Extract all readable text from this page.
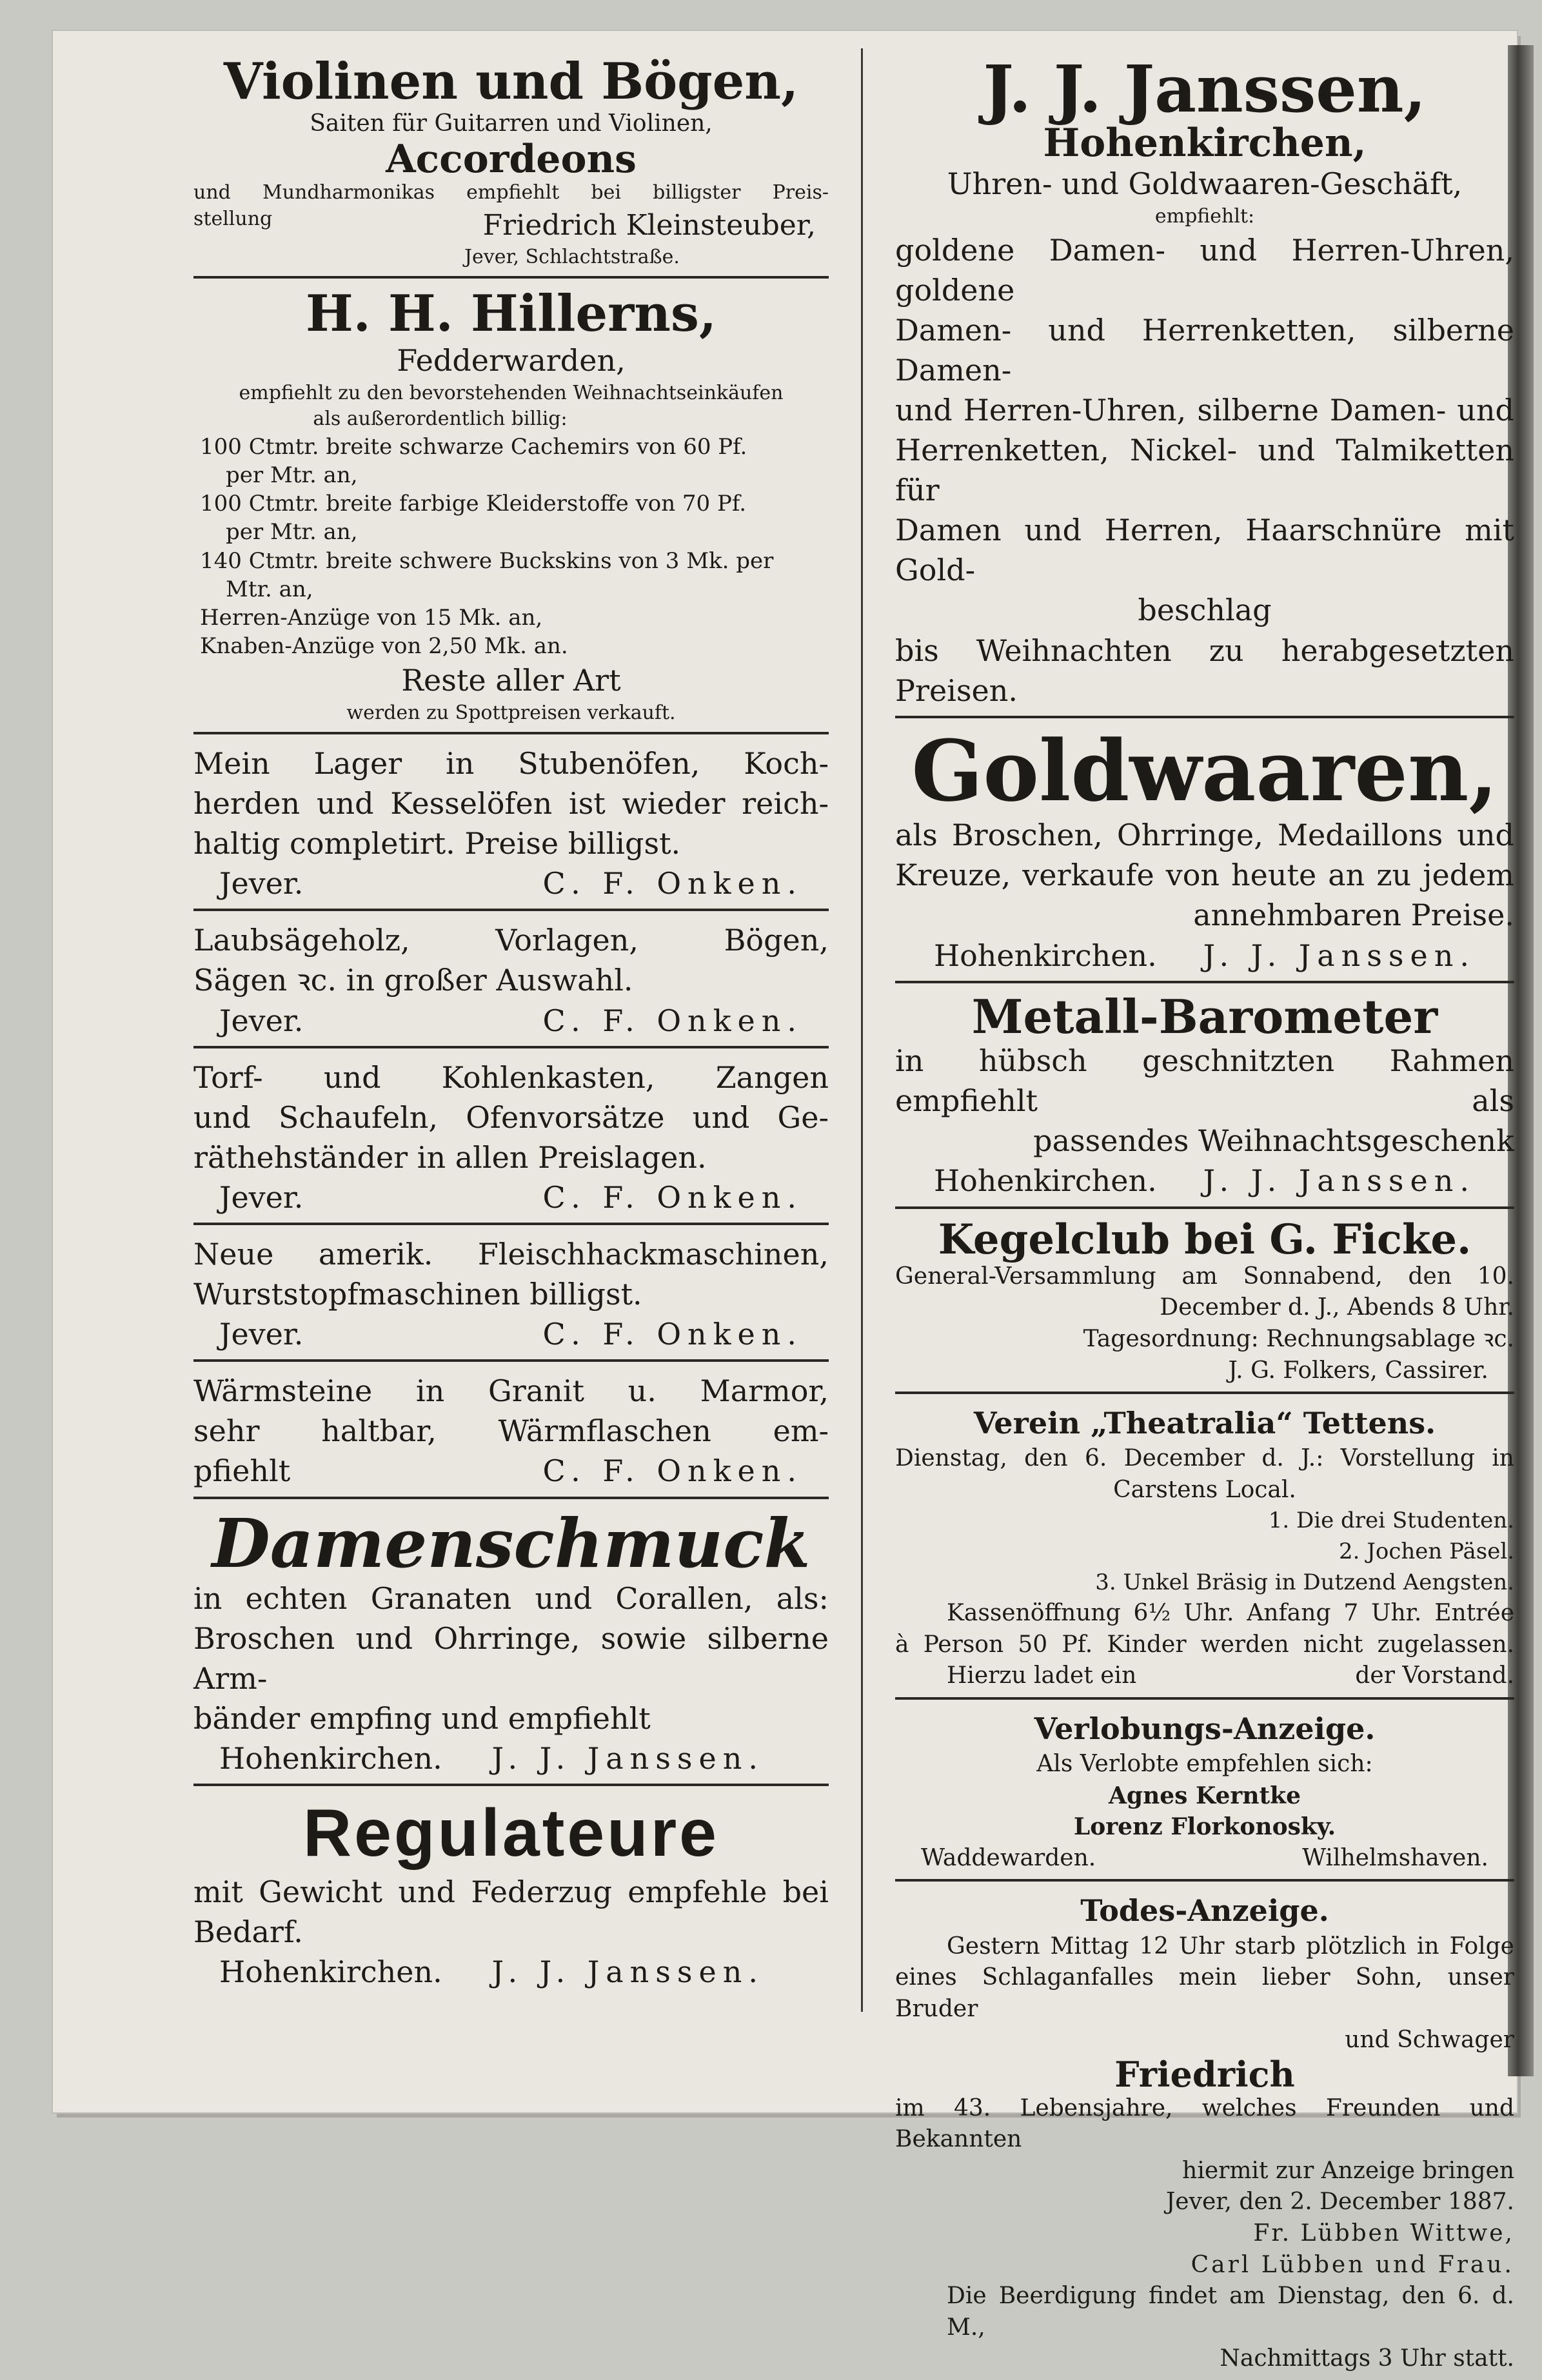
Violinen und Bögen,

Saiten für Guitarren und Violinen,

Accordeons

und Mundharmonikas empfiehlt bei billigster Preis-

stellung	Friedrich Kleinsteuber,

Jever, Schlachtstraße.

H. H. Hillerns,

Fedderwarden,

empfiehlt zu den bevorstehenden Weihnachtseinkäufen

als außerordentlich billig:

100 Ctmtr. breite schwarze Cachemirs von 60 Pf.

per Mtr. an,

100 Ctmtr. breite farbige Kleiderstoffe von 70 Pf.

per Mtr. an,

140 Ctmtr. breite schwere Buckskins von 3 Mk. per

Mtr. an,

Herren-Anzüge von 15 Mk. an,

Knaben-Anzüge von 2,50 Mk. an.

Reste aller Art

werden zu Spottpreisen verkauft.

Mein Lager in Stubenöfen, Koch-

herden und Kesselöfen ist wieder reich-

haltig completirt. Preise billigst.

Jever.	C. F. Onken.

Laubsägeholz, Vorlagen, Bögen,

Sägen ꝛc. in großer Auswahl.

Jever.	C. F. Onken.

Torf- und Kohlenkasten, Zangen

und Schaufeln, Ofenvorsätze und Ge-

räthehständer in allen Preislagen.

Jever.	C. F. Onken.

Neue amerik. Fleischhackmaschinen,

Wurststopfmaschinen billigst.

Jever.	C. F. Onken.

Wärmsteine in Granit u. Marmor,

sehr haltbar, Wärmflaschen em-

pfiehlt	C. F. Onken.

Damenschmuck

in echten Granaten und Corallen, als:

Broschen und Ohrringe, sowie silberne Arm-

bänder empfing und empfiehlt

Hohenkirchen. J. J. Janssen.

Regulateure

mit Gewicht und Federzug empfehle bei

Bedarf.

Hohenkirchen. J. J. Janssen.

J. J. Janssen,

Hohenkirchen,

Uhren- und Goldwaaren-Geschäft,

empfiehlt:

goldene Damen- und Herren-Uhren, goldene

Damen- und Herrenketten, silberne Damen-

und Herren-Uhren, silberne Damen- und

Herrenketten, Nickel- und Talmiketten für

Damen und Herren, Haarschnüre mit Gold-

beschlag

bis Weihnachten zu herabgesetzten Preisen.

Goldwaaren,

als Broschen, Ohrringe, Medaillons und

Kreuze, verkaufe von heute an zu jedem

annehmbaren Preise.

Hohenkirchen. J. J. Janssen.

Metall-Barometer

in hübsch geschnitzten Rahmen empfiehlt als

passendes Weihnachtsgeschenk

Hohenkirchen. J. J. Janssen.

Kegelclub bei G. Ficke.

General-Versammlung am Sonnabend, den 10.

December d. J., Abends 8 Uhr.

Tagesordnung: Rechnungsablage ꝛc.

J. G. Folkers, Cassirer.

Verein „Theatralia“ Tettens.

Dienstag, den 6. December d. J.: Vorstellung in

Carstens Local.

1. Die drei Studenten.

2. Jochen Päsel.

3. Unkel Bräsig in Dutzend Aengsten.

Kassenöffnung 6½ Uhr. Anfang 7 Uhr. Entrée

à Person 50 Pf. Kinder werden nicht zugelassen.

Hierzu ladet ein	der Vorstand.

Verlobungs-Anzeige.

Als Verlobte empfehlen sich:

Agnes Kerntke

Lorenz Florkonosky.

Waddewarden.	Wilhelmshaven.

Todes-Anzeige.

Gestern Mittag 12 Uhr starb plötzlich in Folge

eines Schlaganfalles mein lieber Sohn, unser Bruder

und Schwager

Friedrich

im 43. Lebensjahre, welches Freunden und Bekannten

hiermit zur Anzeige bringen

Jever, den 2. December 1887.

Fr. Lübben Wittwe,

Carl Lübben und Frau.

Die Beerdigung findet am Dienstag, den 6. d. M.,

Nachmittags 3 Uhr statt.
